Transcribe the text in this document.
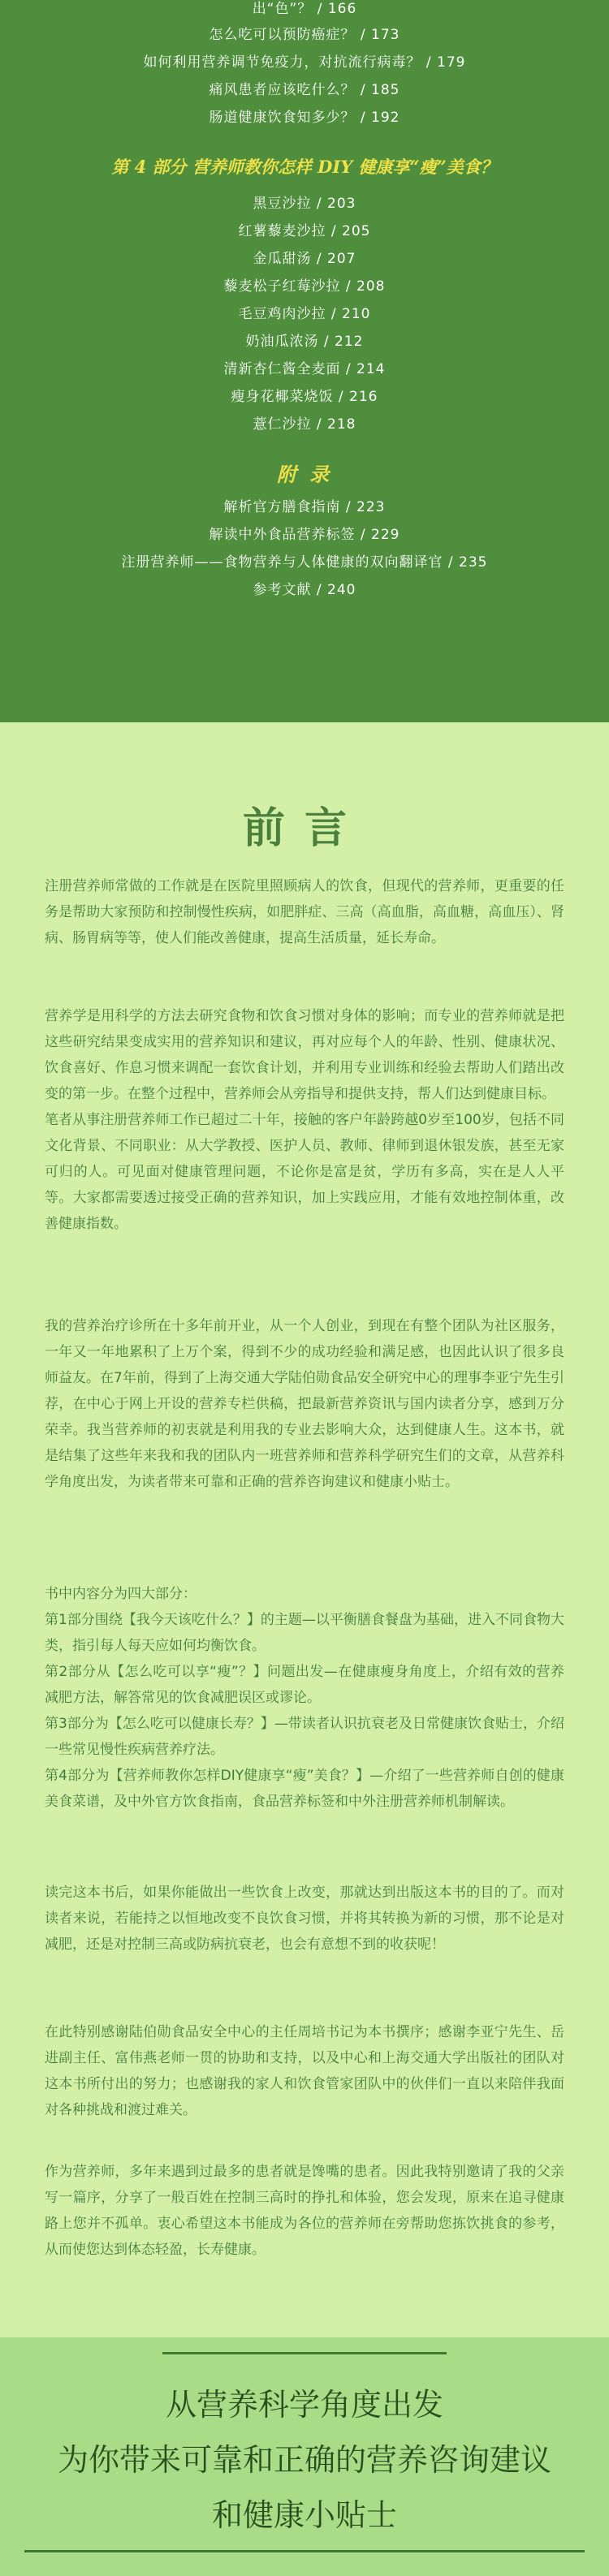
出“色”？ / 166
怎么吃可以预防癌症？ / 173
如何利用营养调节免疫力，对抗流行病毒？ / 179
痛风患者应该吃什么？ / 185
肠道健康饮食知多少？ / 192
第 4 部分 营养师教你怎样 DIY 健康享“瘦”美食？
黑豆沙拉 / 203
红薯藜麦沙拉 / 205
金瓜甜汤 / 207
藜麦松子红莓沙拉 / 208
毛豆鸡肉沙拉 / 210
奶油瓜浓汤 / 212
清新杏仁酱全麦面 / 214
瘦身花椰菜烧饭 / 216
薏仁沙拉 / 218
附 录
解析官方膳食指南 / 223
解读中外食品营养标签 / 229
注册营养师——食物营养与人体健康的双向翻译官 / 235
参考文献 / 240
前言
注册营养师常做的工作就是在医院里照顾病人的饮食，但现代的营养师，更重要的任务是帮助大家预防和控制慢性疾病，如肥胖症、三高（高血脂，高血糖，高血压）、肾病、肠胃病等等，使人们能改善健康，提高生活质量，延长寿命。
营养学是用科学的方法去研究食物和饮食习惯对身体的影响；而专业的营养师就是把这些研究结果变成实用的营养知识和建议，再对应每个人的年龄、性别、健康状况、饮食喜好、作息习惯来调配一套饮食计划，并利用专业训练和经验去帮助人们踏出改变的第一步。在整个过程中，营养师会从旁指导和提供支持，帮人们达到健康目标。
笔者从事注册营养师工作已超过二十年，接触的客户年龄跨越0岁至100岁，包括不同文化背景、不同职业：从大学教授、医护人员、教师、律师到退休银发族，甚至无家可归的人。可见面对健康管理问题，不论你是富是贫，学历有多高，实在是人人平等。大家都需要透过接受正确的营养知识，加上实践应用，才能有效地控制体重，改善健康指数。
我的营养治疗诊所在十多年前开业，从一个人创业，到现在有整个团队为社区服务，一年又一年地累积了上万个案，得到不少的成功经验和满足感，也因此认识了很多良师益友。在7年前，得到了上海交通大学陆伯勋食品安全研究中心的理事李亚宁先生引荐，在中心于网上开设的营养专栏供稿，把最新营养资讯与国内读者分享，感到万分荣幸。我当营养师的初衷就是利用我的专业去影响大众，达到健康人生。这本书，就是结集了这些年来我和我的团队内一班营养师和营养科学研究生们的文章，从营养科学角度出发，为读者带来可靠和正确的营养咨询建议和健康小贴士。
书中内容分为四大部分：
第1部分围绕【我今天该吃什么？】的主题—以平衡膳食餐盘为基础，进入不同食物大类，指引每人每天应如何均衡饮食。
第2部分从【怎么吃可以享“瘦”？】问题出发—在健康瘦身角度上，介绍有效的营养减肥方法，解答常见的饮食减肥误区或谬论。
第3部分为【怎么吃可以健康长寿？】—带读者认识抗衰老及日常健康饮食贴士，介绍一些常见慢性疾病营养疗法。
第4部分为【营养师教你怎样DIY健康享“瘦”美食？】—介绍了一些营养师自创的健康美食菜谱，及中外官方饮食指南，食品营养标签和中外注册营养师机制解读。
读完这本书后，如果你能做出一些饮食上改变，那就达到出版这本书的目的了。而对读者来说，若能持之以恒地改变不良饮食习惯，并将其转换为新的习惯，那不论是对减肥，还是对控制三高或防病抗衰老，也会有意想不到的收获呢！
在此特别感谢陆伯勋食品安全中心的主任周培书记为本书撰序；感谢李亚宁先生、岳进副主任、富伟燕老师一贯的协助和支持，以及中心和上海交通大学出版社的团队对这本书所付出的努力；也感谢我的家人和饮食管家团队中的伙伴们一直以来陪伴我面对各种挑战和渡过难关。
作为营养师，多年来遇到过最多的患者就是馋嘴的患者。因此我特别邀请了我的父亲写一篇序，分享了一般百姓在控制三高时的挣扎和体验，您会发现，原来在追寻健康路上您并不孤单。衷心希望这本书能成为各位的营养师在旁帮助您拣饮挑食的参考，从而使您达到体态轻盈，长寿健康。
从营养科学角度出发
为你带来可靠和正确的营养咨询建议
和健康小贴士
